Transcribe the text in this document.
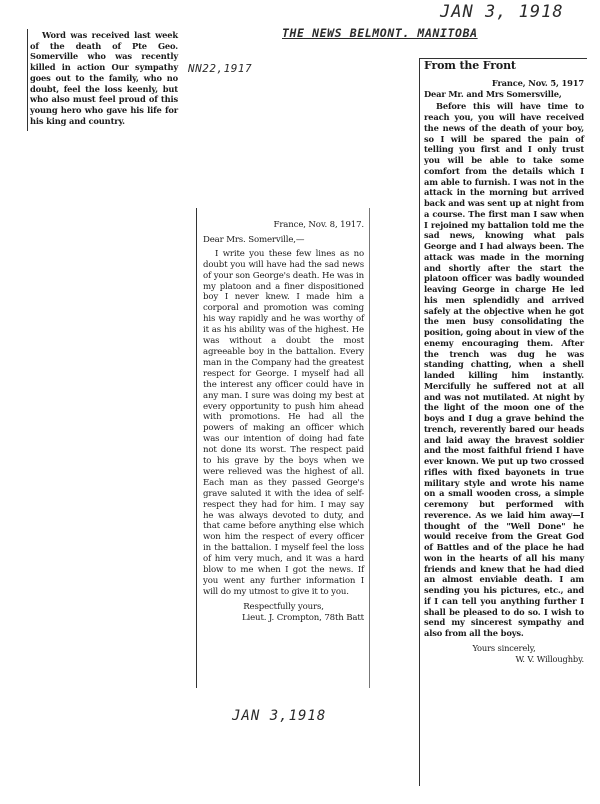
JAN 3, 1918
THE NEWS BELMONT. MANITOBA
NN22,1917
JAN 3,1918

Word was received last week of the death of Pte Geo. Somerville who was recently killed in action Our sympathy goes out to the family, who no doubt, feel the loss keenly, but who also must feel proud of this young hero who gave his life for his king and country.

France, Nov. 8, 1917.

Dear Mrs. Somerville,—

I write you these few lines as no doubt you will have had the sad news of your son George's death. He was in my platoon and a finer dispositioned boy I never knew. I made him a corporal and promotion was coming his way rapidly and he was worthy of it as his ability was of the highest. He was without a doubt the most agreeable boy in the battalion. Every man in the Company had the greatest respect for George. I myself had all the interest any officer could have in any man. I sure was doing my best at every opportunity to push him ahead with promotions. He had all the powers of making an officer which was our intention of doing had fate not done its worst. The respect paid to his grave by the boys when we were relieved was the highest of all. Each man as they passed George's grave saluted it with the idea of self-respect they had for him. I may say he was always devoted to duty, and that came before anything else which won him the respect of every officer in the battalion. I myself feel the loss of him very much, and it was a hard blow to me when I got the news. If you went any further information I will do my utmost to give it to you.

Respectfully yours,

Lieut. J. Crompton, 78th Batt

From the Front

France, Nov. 5, 1917

Dear Mr. and Mrs Somersville,

Before this will have time to reach you, you will have received the news of the death of your boy, so I will be spared the pain of telling you first and I only trust you will be able to take some comfort from the details which I am able to furnish. I was not in the attack in the morning but arrived back and was sent up at night from a course. The first man I saw when I rejoined my battalion told me the sad news, knowing what pals George and I had always been. The attack was made in the morning and shortly after the start the platoon officer was badly wounded leaving George in charge He led his men splendidly and arrived safely at the objective when he got the men busy consolidating the position, going about in view of the enemy encouraging them. After the trench was dug he was standing chatting, when a shell landed killing him instantly. Mercifully he suffered not at all and was not mutilated. At night by the light of the moon one of the boys and I dug a grave behind the trench, reverently bared our heads and laid away the bravest soldier and the most faithful friend I have ever known. We put up two crossed rifles with fixed bayonets in true military style and wrote his name on a small wooden cross, a simple ceremony but performed with reverence. As we laid him away—I thought of the "Well Done" he would receive from the Great God of Battles and of the place he had won in the hearts of all his many friends and knew that he had died an almost enviable death. I am sending you his pictures, etc., and if I can tell you anything further I shall be pleased to do so. I wish to send my sincerest sympathy and also from all the boys.

Yours sincerely,

W. V. Willoughby.
